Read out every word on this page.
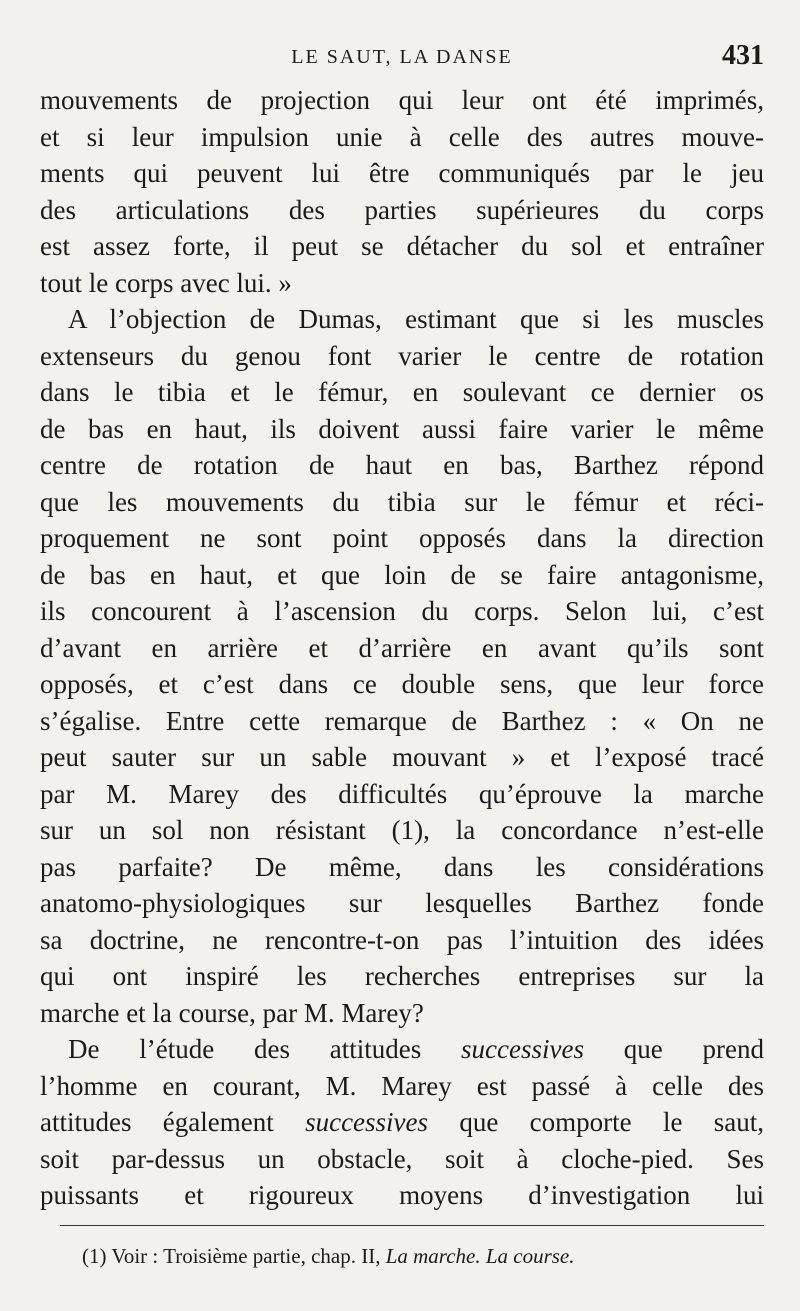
LE SAUT, LA DANSE	431
mouvements de projection qui leur ont été imprimés,
et si leur impulsion unie à celle des autres mouve-
ments qui peuvent lui être communiqués par le jeu
des articulations des parties supérieures du corps
est assez forte, il peut se détacher du sol et entraîner
tout le corps avec lui. »
A l’objection de Dumas, estimant que si les muscles
extenseurs du genou font varier le centre de rotation
dans le tibia et le fémur, en soulevant ce dernier os
de bas en haut, ils doivent aussi faire varier le même
centre de rotation de haut en bas, Barthez répond
que les mouvements du tibia sur le fémur et réci-
proquement ne sont point opposés dans la direction
de bas en haut, et que loin de se faire antagonisme,
ils concourent à l’ascension du corps. Selon lui, c’est
d’avant en arrière et d’arrière en avant qu’ils sont
opposés, et c’est dans ce double sens, que leur force
s’égalise. Entre cette remarque de Barthez : « On ne
peut sauter sur un sable mouvant » et l’exposé tracé
par M. Marey des difficultés qu’éprouve la marche
sur un sol non résistant (1), la concordance n’est-elle
pas parfaite? De même, dans les considérations
anatomo-physiologiques sur lesquelles Barthez fonde
sa doctrine, ne rencontre-t-on pas l’intuition des idées
qui ont inspiré les recherches entreprises sur la
marche et la course, par M. Marey?
De l’étude des attitudes successives que prend
l’homme en courant, M. Marey est passé à celle des
attitudes également successives que comporte le saut,
soit par-dessus un obstacle, soit à cloche-pied. Ses
puissants et rigoureux moyens d’investigation lui
(1) Voir : Troisième partie, chap. II, La marche. La course.
